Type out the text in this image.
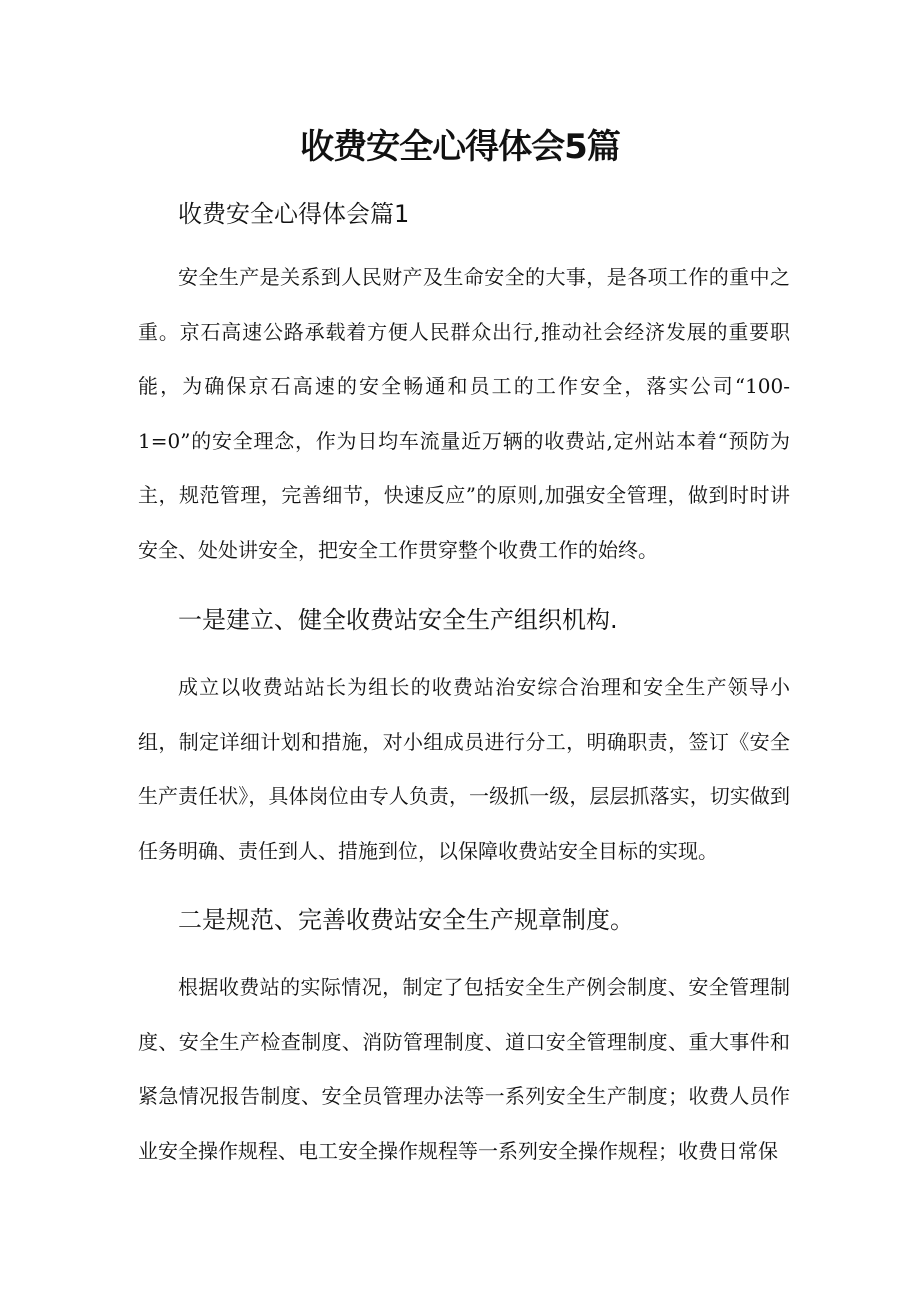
收费安全心得体会5篇

收费安全心得体会篇1

安全生产是关系到人民财产及生命安全的大事，是各项工作的重中之重。京石高速公路承载着方便人民群众出行,推动社会经济发展的重要职能，为确保京石高速的安全畅通和员工的工作安全，落实公司“100-1=0”的安全理念，作为日均车流量近万辆的收费站,定州站本着“预防为主，规范管理，完善细节，快速反应”的原则,加强安全管理，做到时时讲安全、处处讲安全，把安全工作贯穿整个收费工作的始终。

一是建立、健全收费站安全生产组织机构.

成立以收费站站长为组长的收费站治安综合治理和安全生产领导小组，制定详细计划和措施，对小组成员进行分工，明确职责，签订《安全生产责任状》，具体岗位由专人负责，一级抓一级，层层抓落实，切实做到任务明确、责任到人、措施到位，以保障收费站安全目标的实现。

二是规范、完善收费站安全生产规章制度。

根据收费站的实际情况，制定了包括安全生产例会制度、安全管理制度、安全生产检查制度、消防管理制度、道口安全管理制度、重大事件和紧急情况报告制度、安全员管理办法等一系列安全生产制度；收费人员作业安全操作规程、电工安全操作规程等一系列安全操作规程；收费日常保
